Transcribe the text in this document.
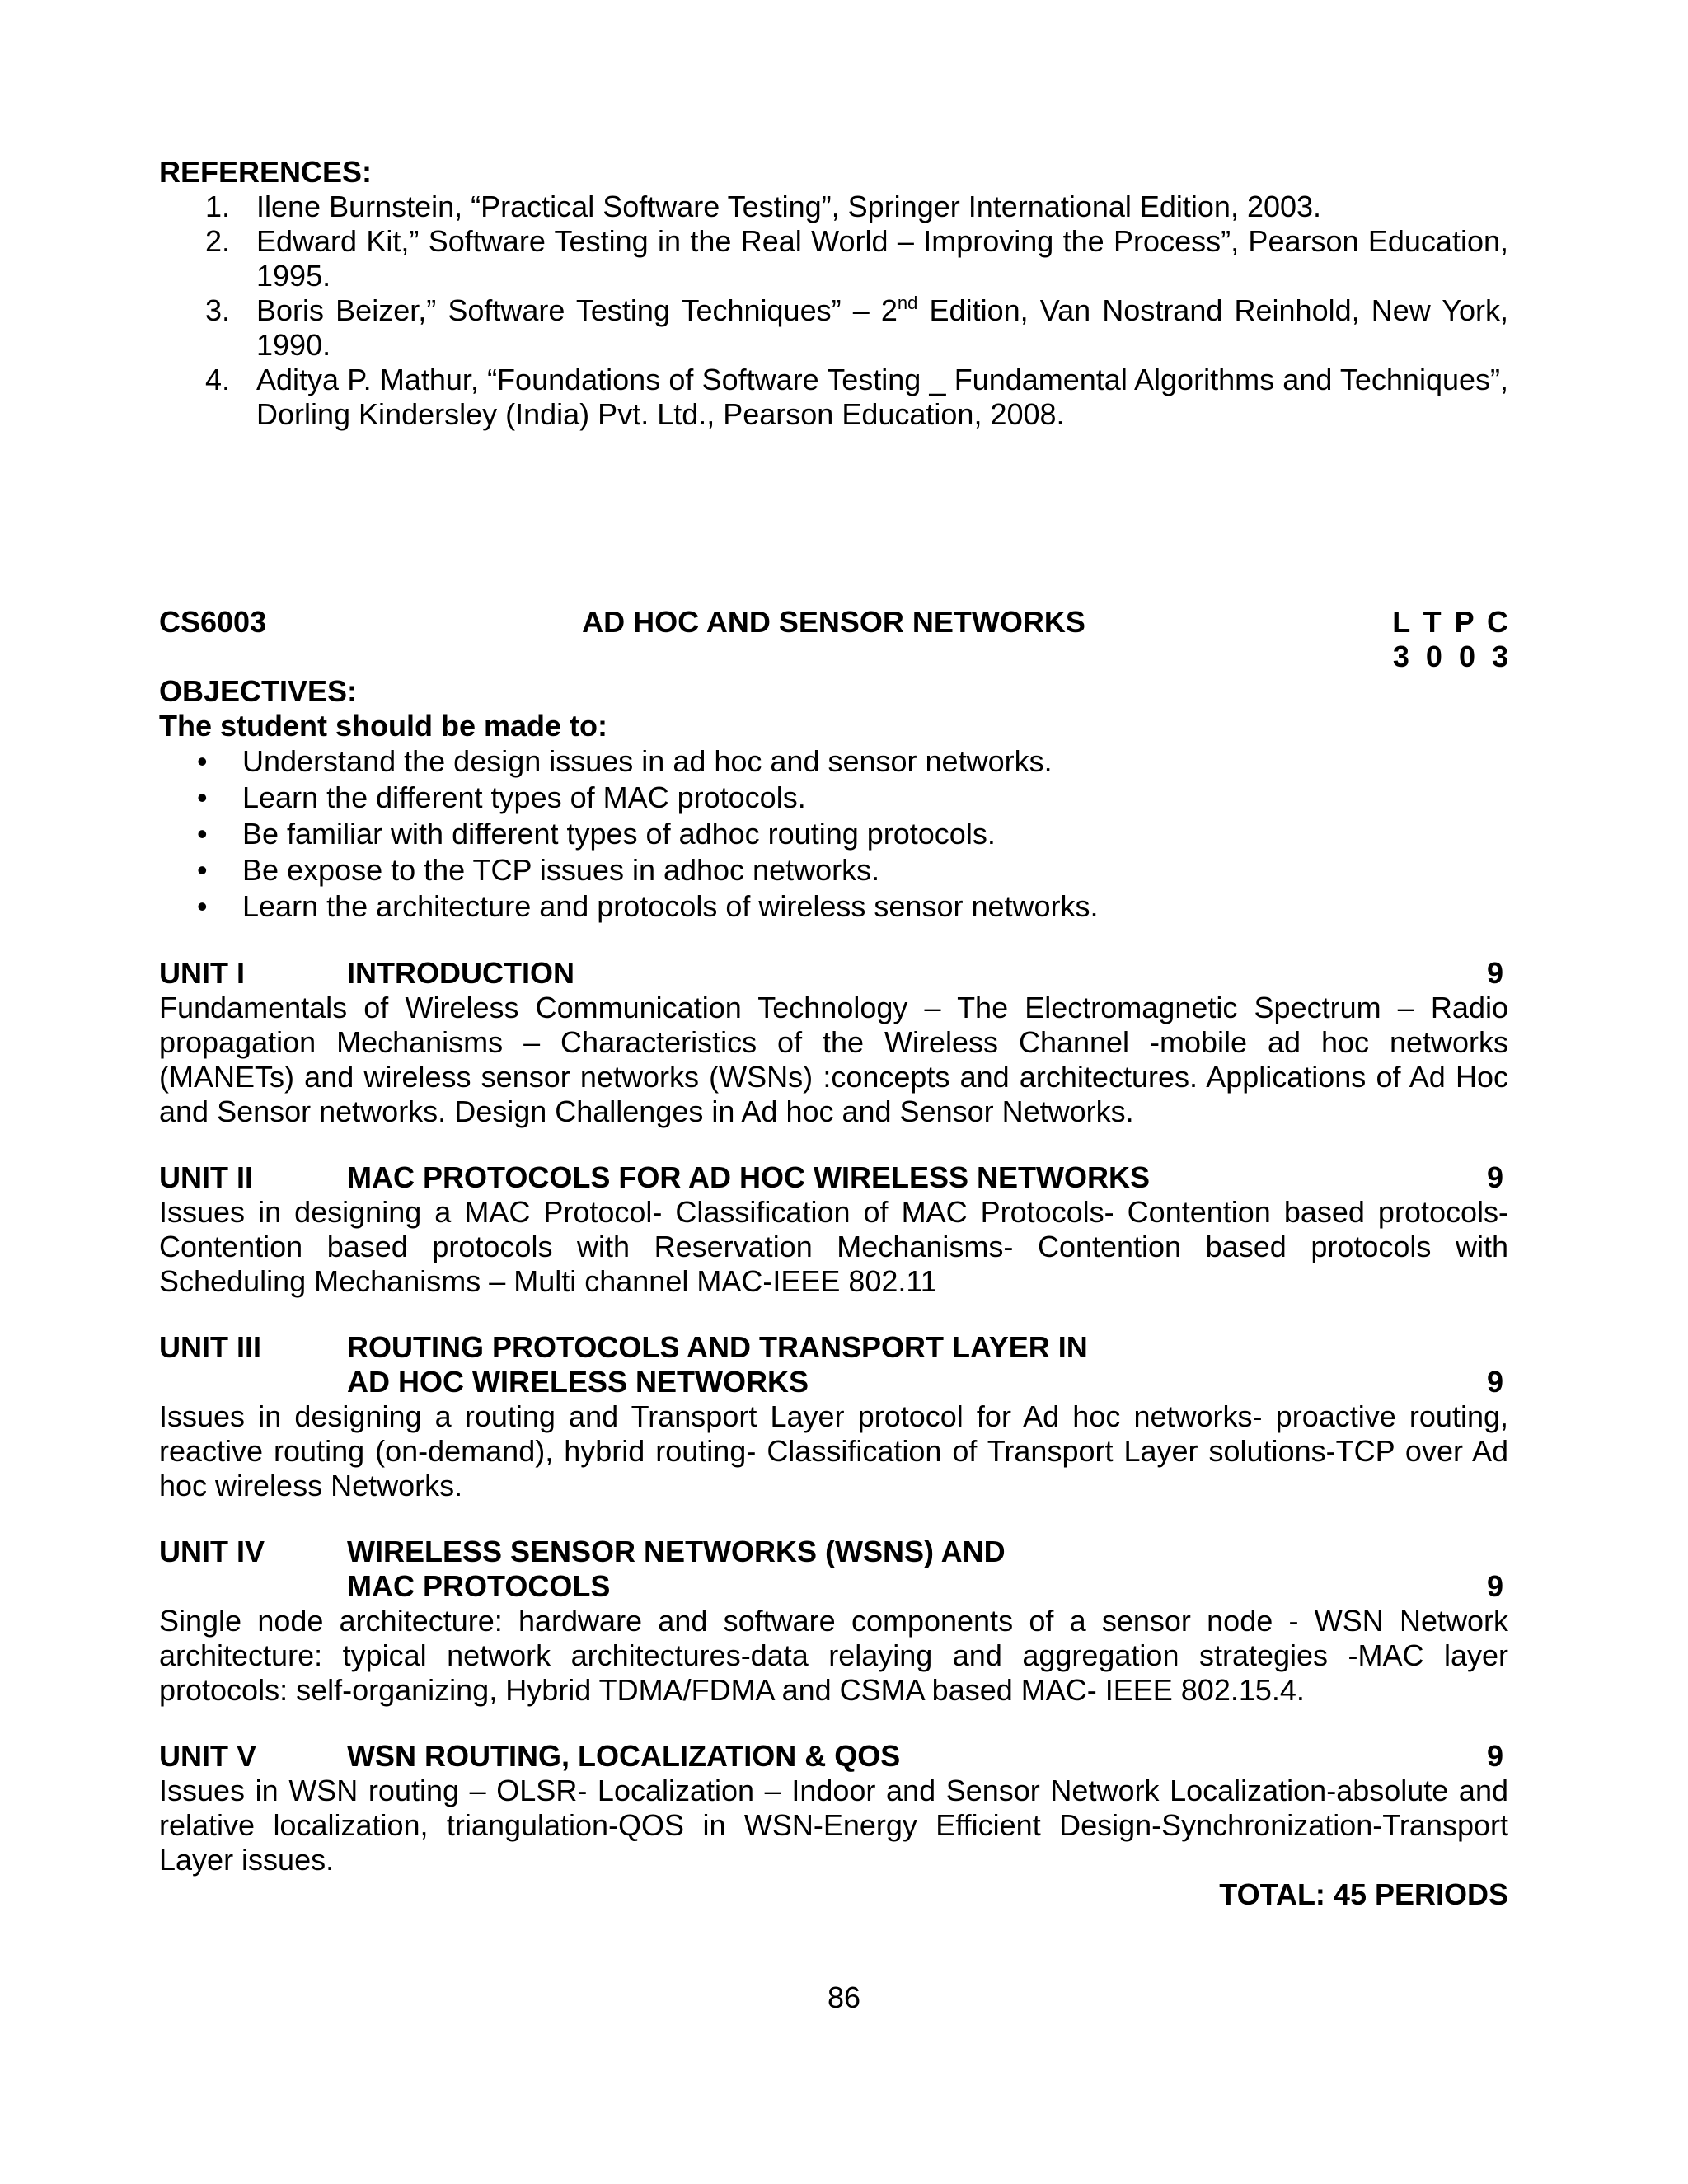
REFERENCES:
1. Ilene Burnstein, “Practical Software Testing”, Springer International Edition, 2003.
2. Edward Kit,” Software Testing in the Real World – Improving the Process”, Pearson Education, 1995.
3. Boris Beizer,” Software Testing Techniques” – 2nd Edition, Van Nostrand Reinhold, New York, 1990.
4. Aditya P. Mathur, “Foundations of Software Testing _ Fundamental Algorithms and Techniques”, Dorling Kindersley (India) Pvt. Ltd., Pearson Education, 2008.
CS6003	AD HOC AND SENSOR NETWORKS	L T P C
3 0 0 3
OBJECTIVES:
The student should be made to:
• Understand the design issues in ad hoc and sensor networks.
• Learn the different types of MAC protocols.
• Be familiar with different types of adhoc routing protocols.
• Be expose to the TCP issues in adhoc networks.
• Learn the architecture and protocols of wireless sensor networks.
UNIT I	INTRODUCTION	9
Fundamentals of Wireless Communication Technology – The Electromagnetic Spectrum – Radio propagation Mechanisms – Characteristics of the Wireless Channel -mobile ad hoc networks (MANETs) and wireless sensor networks (WSNs) :concepts and architectures. Applications of Ad Hoc and Sensor networks. Design Challenges in Ad hoc and Sensor Networks.
UNIT II	MAC PROTOCOLS FOR AD HOC WIRELESS NETWORKS	9
Issues in designing a MAC Protocol- Classification of MAC Protocols- Contention based protocols- Contention based protocols with Reservation Mechanisms- Contention based protocols with Scheduling Mechanisms – Multi channel MAC-IEEE 802.11
UNIT III	ROUTING PROTOCOLS AND TRANSPORT LAYER IN
AD HOC WIRELESS NETWORKS	9
Issues in designing a routing and Transport Layer protocol for Ad hoc networks- proactive routing, reactive routing (on-demand), hybrid routing- Classification of Transport Layer solutions-TCP over Ad hoc wireless Networks.
UNIT IV	WIRELESS SENSOR NETWORKS (WSNS) AND
MAC PROTOCOLS	9
Single node architecture: hardware and software components of a sensor node - WSN Network architecture: typical network architectures-data relaying and aggregation strategies -MAC layer protocols: self-organizing, Hybrid TDMA/FDMA and CSMA based MAC- IEEE 802.15.4.
UNIT V	WSN ROUTING, LOCALIZATION & QOS	9
Issues in WSN routing – OLSR- Localization – Indoor and Sensor Network Localization-absolute and relative localization, triangulation-QOS in WSN-Energy Efficient Design-Synchronization-Transport Layer issues.
TOTAL: 45 PERIODS
86
